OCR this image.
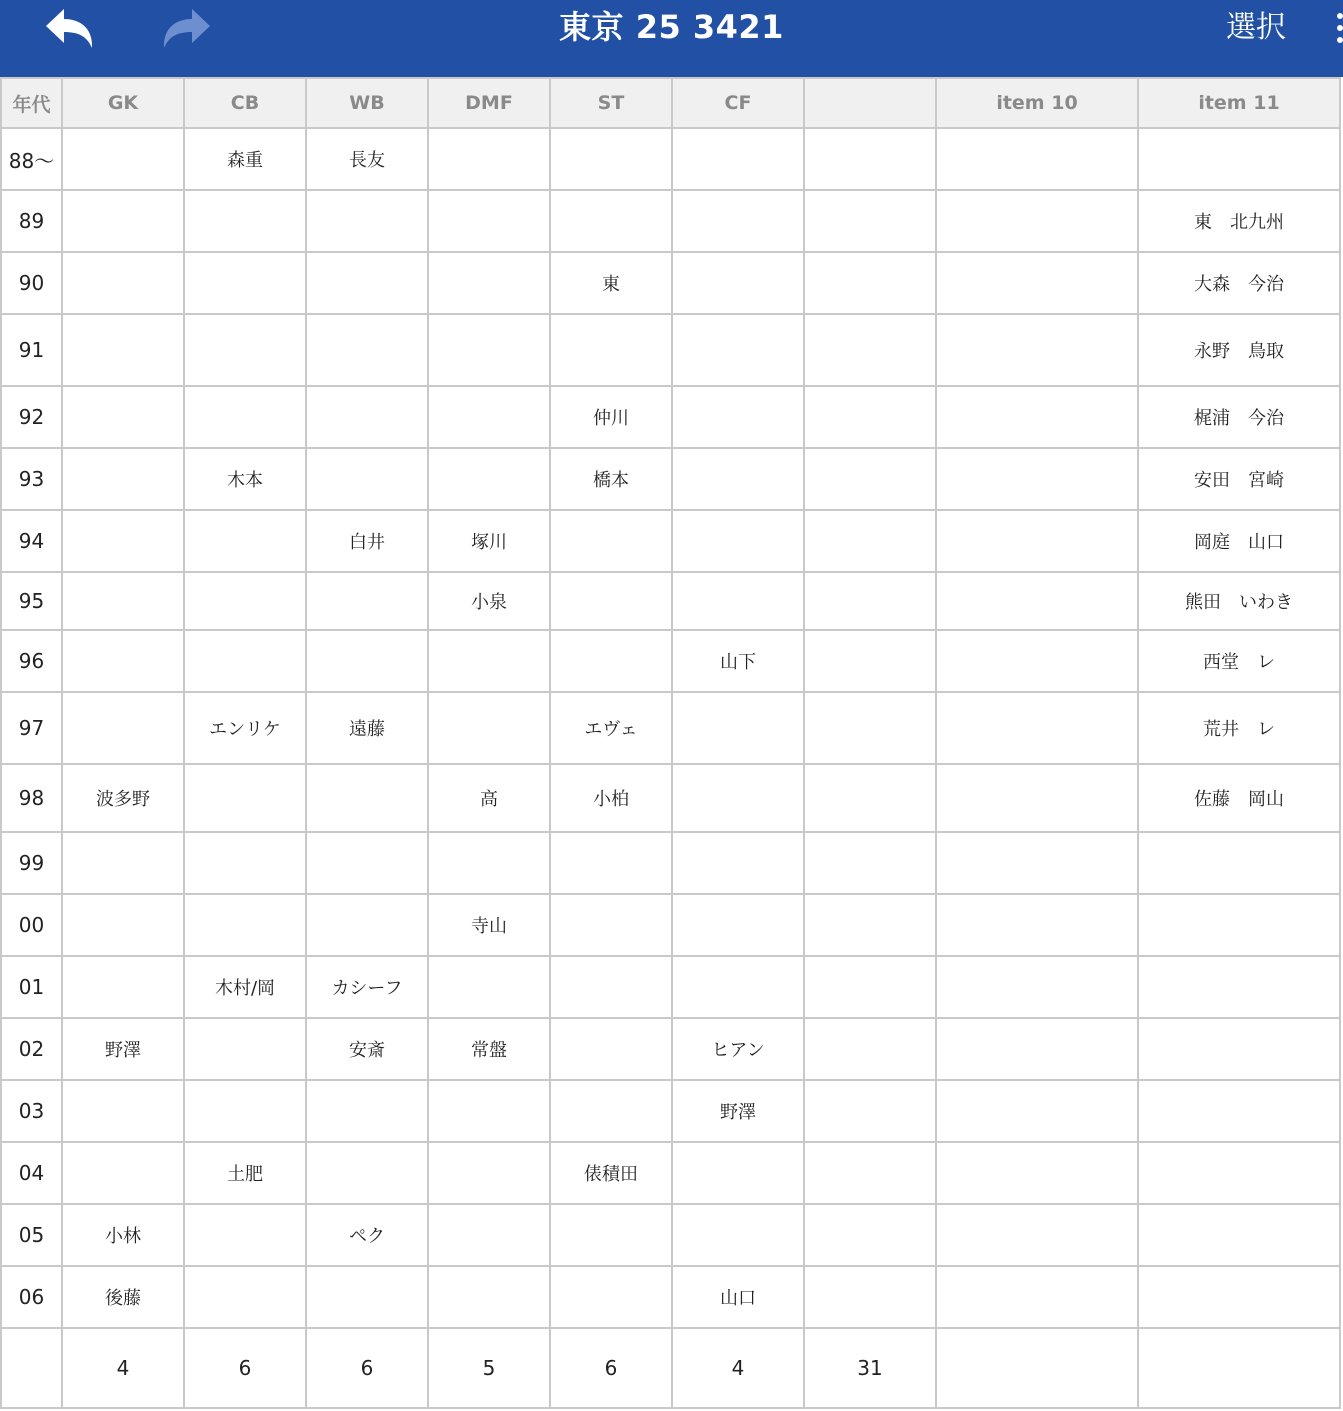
東京 25 3421	選択
年代	GK	CB	WB	DMF	ST	CF		item 10	item 11
88～		森重	長友						
89									東　北九州
90					東				大森　今治
91									永野　鳥取
92					仲川				梶浦　今治
93		木本			橋本				安田　宮崎
94			白井	塚川					岡庭　山口
95				小泉					熊田　いわき
96						山下			西堂　レ
97		エンリケ	遠藤		エヴェ				荒井　レ
98	波多野			高	小柏				佐藤　岡山
99									
00				寺山					
01		木村/岡	カシーフ						
02	野澤		安斎	常盤		ヒアン			
03						野澤			
04		土肥			俵積田				
05	小林		ペク						
06	後藤					山口			
	4	6	6	5	6	4	31		
